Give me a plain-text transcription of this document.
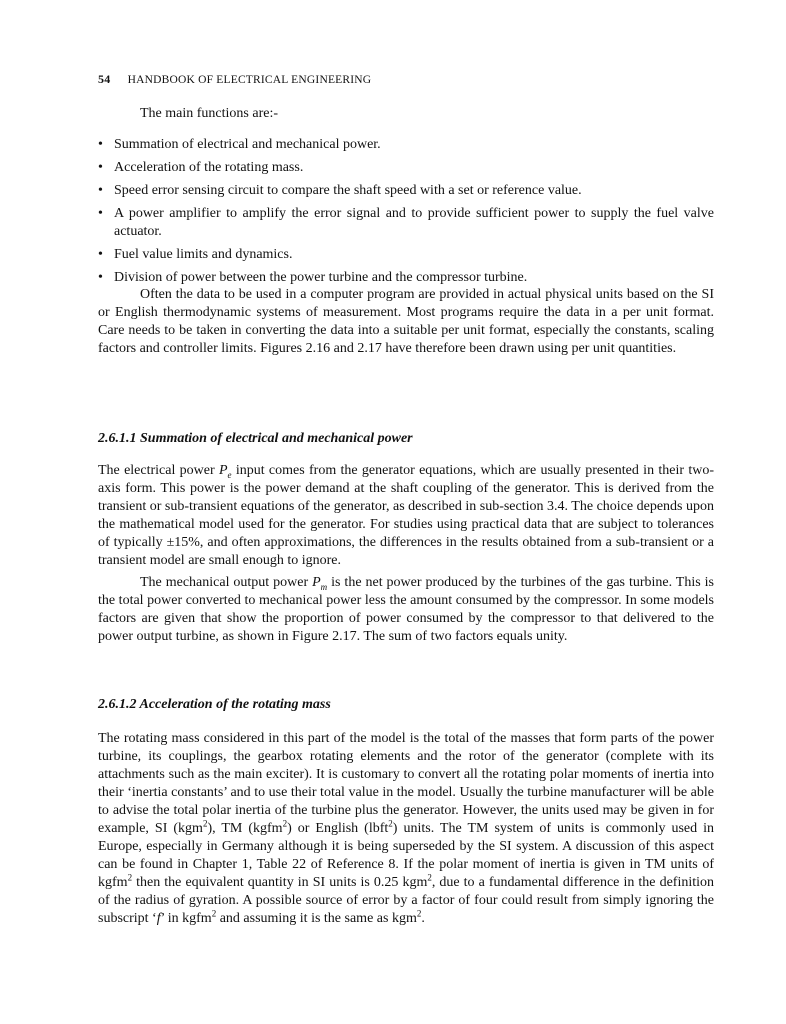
54 HANDBOOK OF ELECTRICAL ENGINEERING
The main functions are:-
• Summation of electrical and mechanical power.
• Acceleration of the rotating mass.
• Speed error sensing circuit to compare the shaft speed with a set or reference value.
• A power amplifier to amplify the error signal and to provide sufficient power to supply the fuel valve actuator.
• Fuel value limits and dynamics.
• Division of power between the power turbine and the compressor turbine.

Often the data to be used in a computer program are provided in actual physical units based on the SI or English thermodynamic systems of measurement. Most programs require the data in a per unit format. Care needs to be taken in converting the data into a suitable per unit format, especially the constants, scaling factors and controller limits. Figures 2.16 and 2.17 have therefore been drawn using per unit quantities.

2.6.1.1 Summation of electrical and mechanical power

The electrical power $P_e$ input comes from the generator equations, which are usually presented in their two-axis form. This power is the power demand at the shaft coupling of the generator. This is derived from the transient or sub-transient equations of the generator, as described in sub-section 3.4. The choice depends upon the mathematical model used for the generator. For studies using practical data that are subject to tolerances of typically ±15%, and often approximations, the differences in the results obtained from a sub-transient or a transient model are small enough to ignore.

The mechanical output power $P_m$ is the net power produced by the turbines of the gas turbine. This is the total power converted to mechanical power less the amount consumed by the compressor. In some models factors are given that show the proportion of power consumed by the compressor to that delivered to the power output turbine, as shown in Figure 2.17. The sum of two factors equals unity.

2.6.1.2 Acceleration of the rotating mass

The rotating mass considered in this part of the model is the total of the masses that form parts of the power turbine, its couplings, the gearbox rotating elements and the rotor of the generator (complete with its attachments such as the main exciter). It is customary to convert all the rotating polar moments of inertia into their ‘inertia constants’ and to use their total value in the model. Usually the turbine manufacturer will be able to advise the total polar inertia of the turbine plus the generator. However, the units used may be given in for example, SI (kgm$^2$), TM (kgfm$^2$) or English (lbft$^2$) units. The TM system of units is commonly used in Europe, especially in Germany although it is being superseded by the SI system. A discussion of this aspect can be found in Chapter 1, Table 22 of Reference 8. If the polar moment of inertia is given in TM units of kgfm$^2$ then the equivalent quantity in SI units is 0.25 kgm$^2$, due to a fundamental difference in the definition of the radius of gyration. A possible source of error by a factor of four could result from simply ignoring the subscript ‘f’ in kgfm$^2$ and assuming it is the same as kgm$^2$.
